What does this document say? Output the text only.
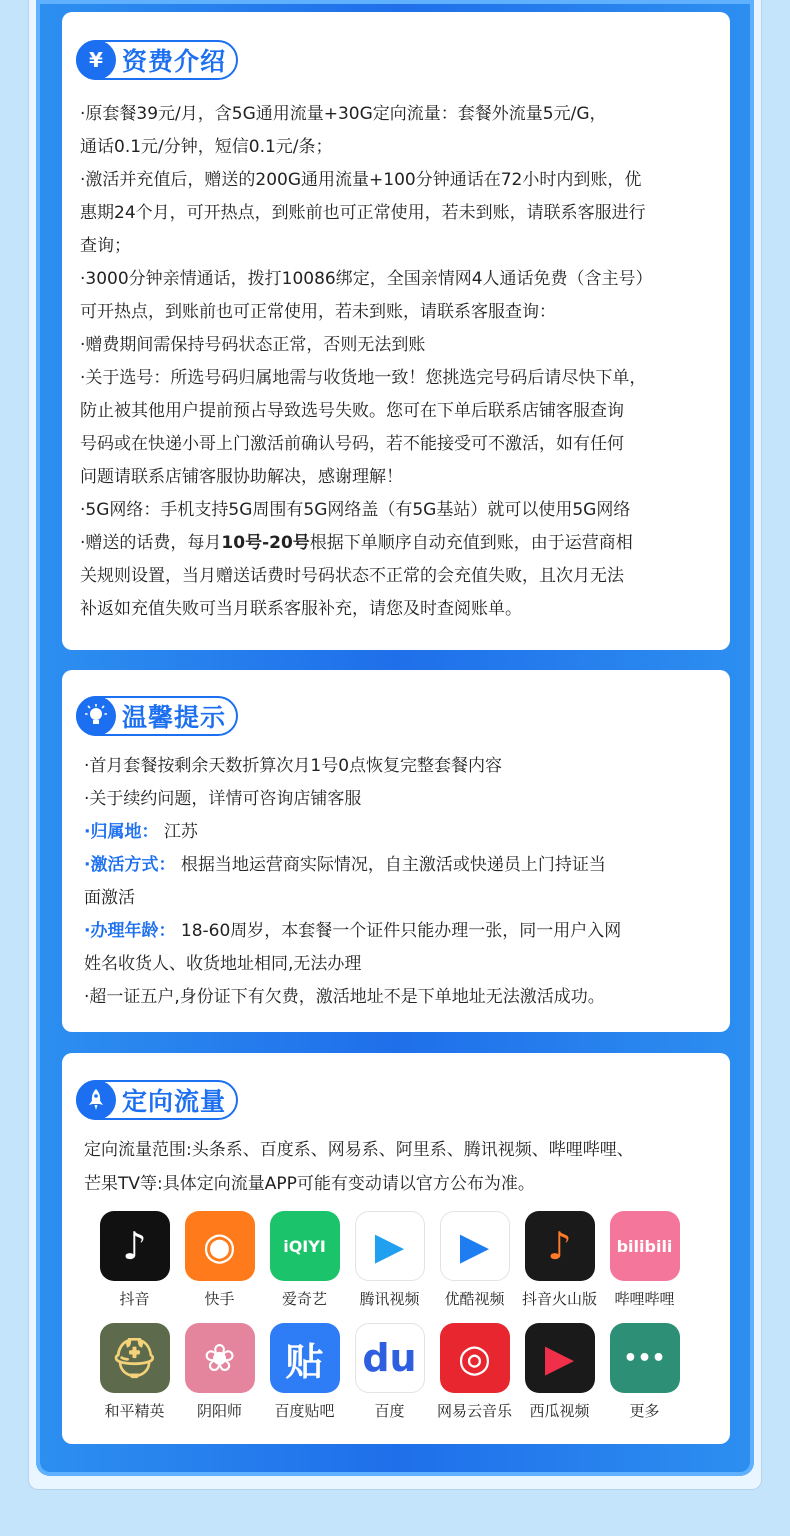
¥ 资费介绍

·原套餐39元/月，含5G通用流量+30G定向流量：套餐外流量5元/G，

通话0.1元/分钟，短信0.1元/条；

·激活并充值后，赠送的200G通用流量+100分钟通话在72小时内到账，优

惠期24个月，可开热点，到账前也可正常使用，若未到账，请联系客服进行

查询；

·3000分钟亲情通话，拨打10086绑定，全国亲情网4人通话免费（含主号）

可开热点，到账前也可正常使用，若未到账，请联系客服查询：

·赠费期间需保持号码状态正常，否则无法到账

·关于选号：所选号码归属地需与收货地一致！您挑选完号码后请尽快下单，

防止被其他用户提前预占导致选号失败。您可在下单后联系店铺客服查询

号码或在快递小哥上门激活前确认号码，若不能接受可不激活，如有任何

问题请联系店铺客服协助解决，感谢理解！

·5G网络：手机支持5G周围有5G网络盖（有5G基站）就可以使用5G网络

·赠送的话费，每月10号-20号根据下单顺序自动充值到账，由于运营商相

关规则设置，当月赠送话费时号码状态不正常的会充值失败，且次月无法

补返如充值失败可当月联系客服补充，请您及时查阅账单。

温馨提示

·首月套餐按剩余天数折算次月1号0点恢复完整套餐内容

·关于续约问题，详情可咨询店铺客服

·归属地： 江苏

·激活方式： 根据当地运营商实际情况，自主激活或快递员上门持证当

面激活

·办理年龄： 18-60周岁，本套餐一个证件只能办理一张，同一用户入网

姓名收货人、收货地址相同,无法办理

·超一证五户,身份证下有欠费，激活地址不是下单地址无法激活成功。

定向流量

定向流量范围:头条系、百度系、网易系、阿里系、腾讯视频、哔哩哔哩、

芒果TV等:具体定向流量APP可能有变动请以官方公布为准。

♪
抖音
◉
快手
iQIYI
爱奇艺
▶
腾讯视频
▶
优酷视频
♪
抖音火山版
bilibili
哔哩哔哩
⛑
和平精英
❀
阴阳师
贴
百度贴吧
du
百度
◎
网易云音乐
▶
西瓜视频
•••
更多
